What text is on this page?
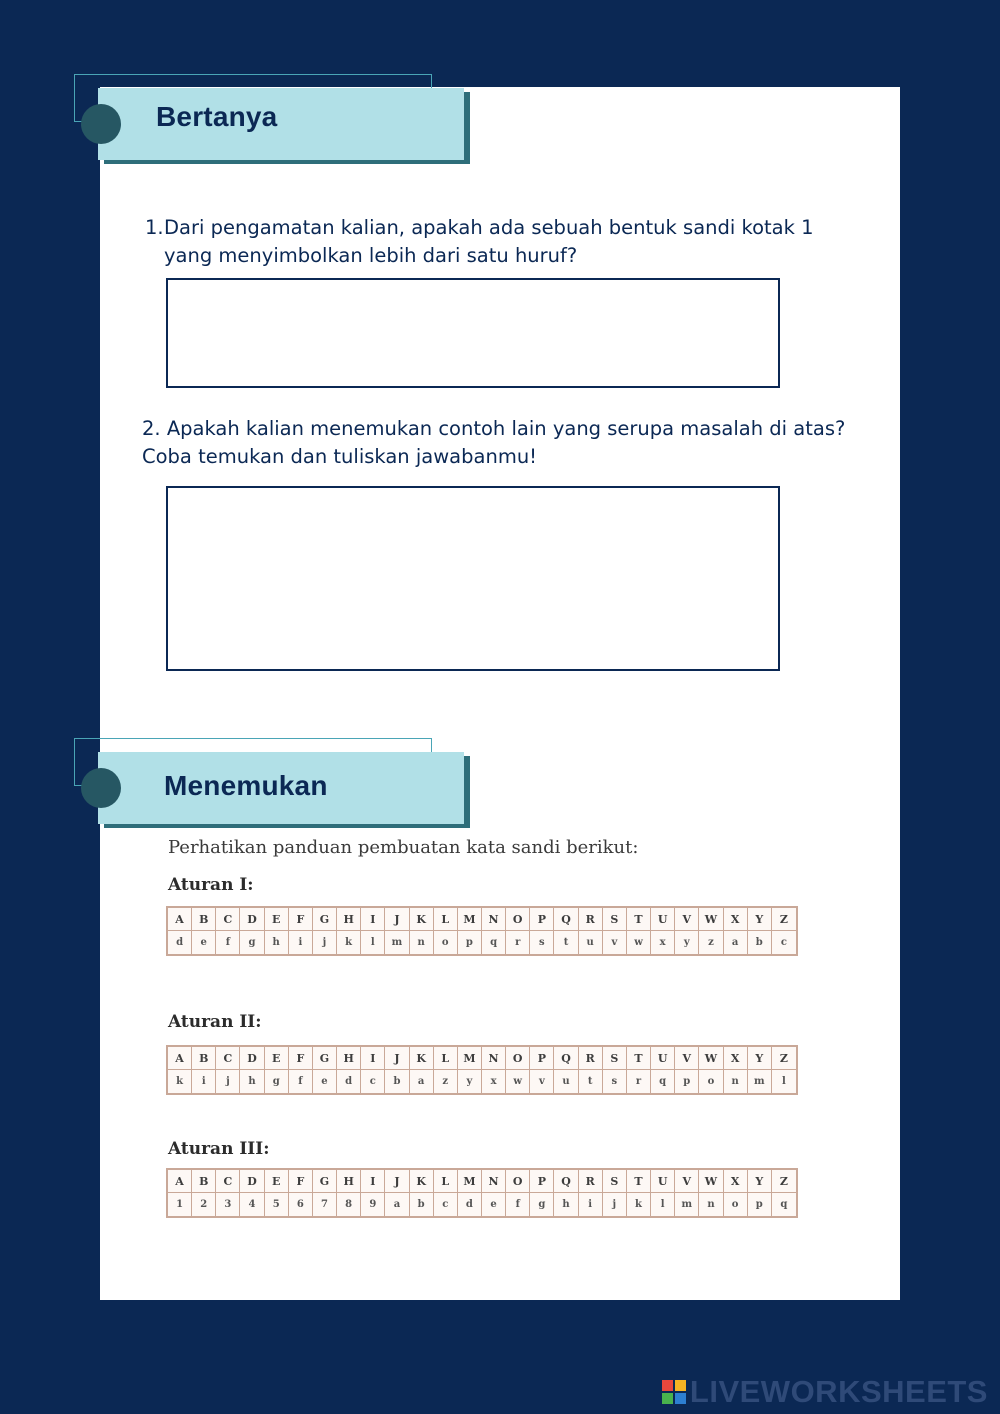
Bertanya
1. Dari pengamatan kalian, apakah ada sebuah bentuk sandi kotak 1 yang menyimbolkan lebih dari satu huruf?
2. Apakah kalian menemukan contoh lain yang serupa masalah di atas? Coba temukan dan tuliskan jawabanmu!
Menemukan
Perhatikan panduan pembuatan kata sandi berikut:
Aturan I:
A	B	C	D	E	F	G	H	I	J	K	L	M	N	O	P	Q	R	S	T	U	V	W	X	Y	Z
d	e	f	g	h	i	j	k	l	m	n	o	p	q	r	s	t	u	v	w	x	y	z	a	b	c
Aturan II:
A	B	C	D	E	F	G	H	I	J	K	L	M	N	O	P	Q	R	S	T	U	V	W	X	Y	Z
k	i	j	h	g	f	e	d	c	b	a	z	y	x	w	v	u	t	s	r	q	p	o	n	m	l
Aturan III:
A	B	C	D	E	F	G	H	I	J	K	L	M	N	O	P	Q	R	S	T	U	V	W	X	Y	Z
1	2	3	4	5	6	7	8	9	a	b	c	d	e	f	g	h	i	j	k	l	m	n	o	p	q
LIVEWORKSHEETS
